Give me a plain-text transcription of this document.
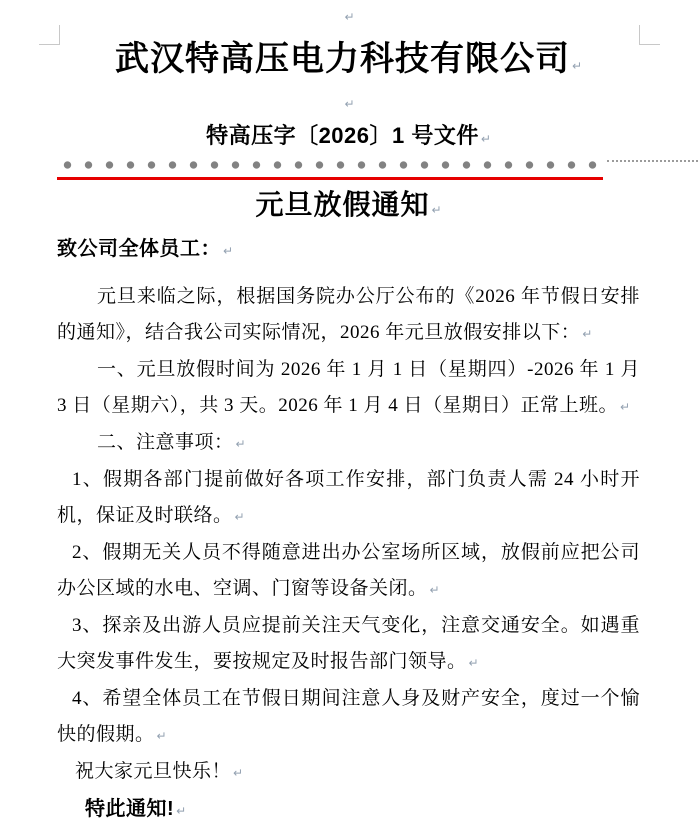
↵
武汉特高压电力科技有限公司 ↵
↵
特高压字〔2026〕1 号文件 ↵
元旦放假通知 ↵

致公司全体员工： ↵

元旦来临之际，根据国务院办公厅公布的《2026 年节假日安排的通知》，结合我公司实际情况，2026 年元旦放假安排以下： ↵

一、元旦放假时间为 2026 年 1 月 1 日（星期四）-2026 年 1 月 3 日（星期六），共 3 天。2026 年 1 月 4 日（星期日）正常上班。 ↵

二、注意事项： ↵

1、假期各部门提前做好各项工作安排，部门负责人需 24 小时开机，保证及时联络。 ↵

2、假期无关人员不得随意进出办公室场所区域，放假前应把公司办公区域的水电、空调、门窗等设备关闭。 ↵

3、探亲及出游人员应提前关注天气变化，注意交通安全。如遇重大突发事件发生，要按规定及时报告部门领导。 ↵

4、希望全体员工在节假日期间注意人身及财产安全，度过一个愉快的假期。 ↵

祝大家元旦快乐！ ↵

特此通知! ↵
